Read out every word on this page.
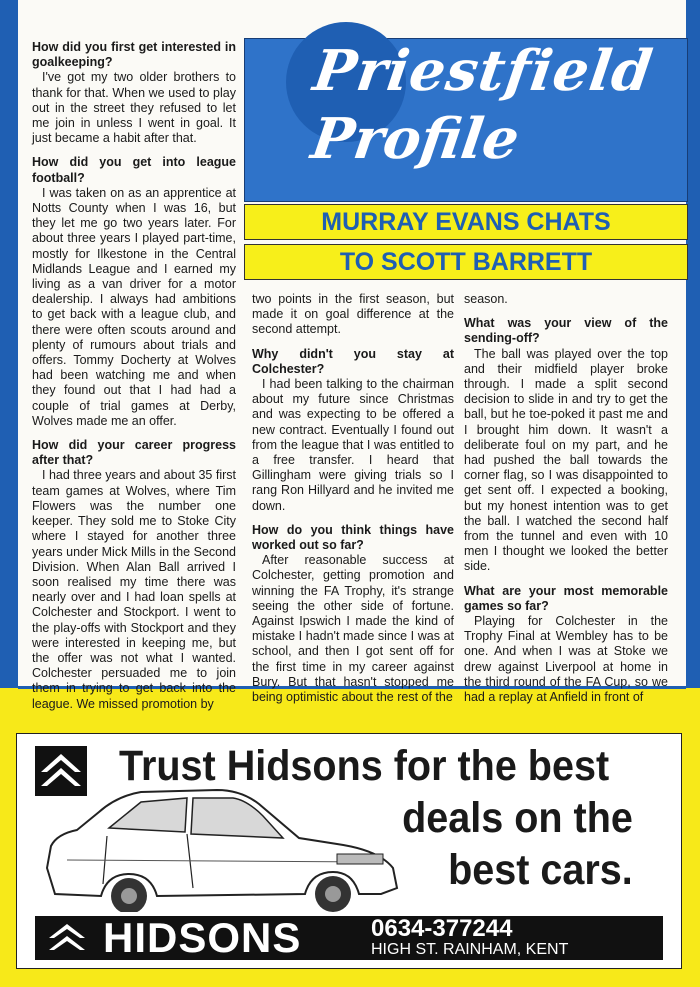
Priestfield
Profile
MURRAY EVANS CHATS
TO SCOTT BARRETT
How did you first get interested in goalkeeping?

I've got my two older brothers to thank for that. When we used to play out in the street they refused to let me join in unless I went in goal. It just became a habit after that.

How did you get into league football?

I was taken on as an apprentice at Notts County when I was 16, but they let me go two years later. For about three years I played part-time, mostly for Ilkestone in the Central Midlands League and I earned my living as a van driver for a motor dealership. I always had ambitions to get back with a league club, and there were often scouts around and plenty of rumours about trials and offers. Tommy Docherty at Wolves had been watching me and when they found out that I had had a couple of trial games at Derby, Wolves made me an offer.

How did your career progress after that?

I had three years and about 35 first team games at Wolves, where Tim Flowers was the number one keeper. They sold me to Stoke City where I stayed for another three years under Mick Mills in the Second Division. When Alan Ball arrived I soon realised my time there was nearly over and I had loan spells at Colchester and Stockport. I went to the play-offs with Stockport and they were interested in keeping me, but the offer was not what I wanted. Colchester persuaded me to join them in trying to get back into the league. We missed promotion by

two points in the first season, but made it on goal difference at the second attempt.

Why didn't you stay at Colchester?

I had been talking to the chairman about my future since Christmas and was expecting to be offered a new contract. Eventually I found out from the league that I was entitled to a free transfer. I heard that Gillingham were giving trials so I rang Ron Hillyard and he invited me down.

How do you think things have worked out so far?

After reasonable success at Colchester, getting promotion and winning the FA Trophy, it's strange seeing the other side of fortune. Against Ipswich I made the kind of mistake I hadn't made since I was at school, and then I got sent off for the first time in my career against Bury. But that hasn't stopped me being optimistic about the rest of the

season.

What was your view of the sending-off?

The ball was played over the top and their midfield player broke through. I made a split second decision to slide in and try to get the ball, but he toe-poked it past me and I brought him down. It wasn't a deliberate foul on my part, and he had pushed the ball towards the corner flag, so I was disappointed to get sent off. I expected a booking, but my honest intention was to get the ball. I watched the second half from the tunnel and even with 10 men I thought we looked the better side.

What are your most memorable games so far?

Playing for Colchester in the Trophy Final at Wembley has to be one. And when I was at Stoke we drew against Liverpool at home in the third round of the FA Cup, so we had a replay at Anfield in front of

Trust Hidsons for the best
deals on the
best cars.
HIDSONS	0634-377244
HIGH ST. RAINHAM, KENT
